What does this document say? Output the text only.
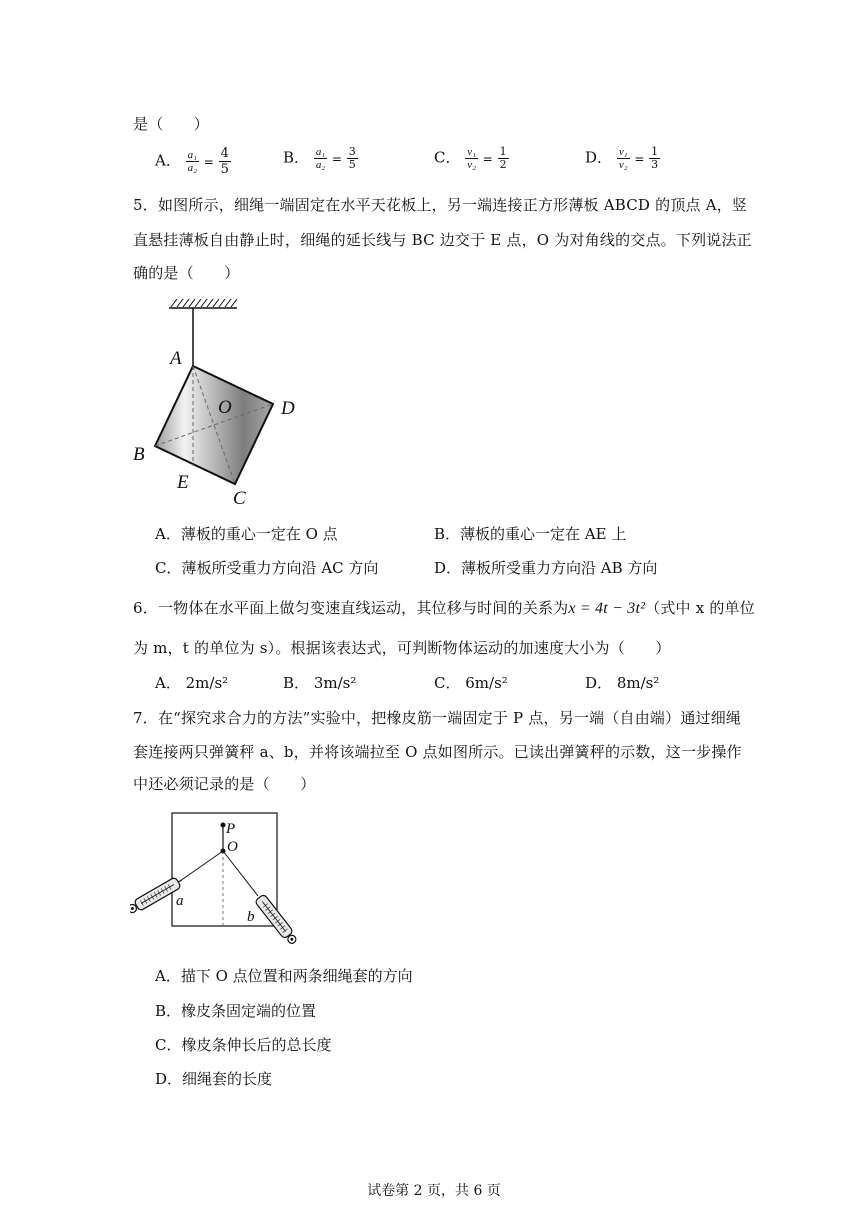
是（　　）
A． $\frac{\text{a₁}}{\text{a₂}} = \frac{4}{5}$	B． $\frac{\text{a₁}}{\text{a₂}} = \frac{3}{5}$	C． $\frac{\text{v₁}}{\text{v₂}} = \frac{1}{2}$	D． $\frac{\text{v₁}}{\text{v₂}} = \frac{1}{3}$
5．如图所示，细绳一端固定在水平天花板上，另一端连接正方形薄板 ABCD 的顶点 A，竖
直悬挂薄板自由静止时，细绳的延长线与 BC 边交于 E 点，O 为对角线的交点。下列说法正
确的是（　　）
A
D
B
C
E
O
A．薄板的重心一定在 O 点	B．薄板的重心一定在 AE 上
C．薄板所受重力方向沿 AC 方向	D．薄板所受重力方向沿 AB 方向
6．一物体在水平面上做匀变速直线运动，其位移与时间的关系为x = 4t − 3t²（式中 x 的单位
为 m，t 的单位为 s）。根据该表达式，可判断物体运动的加速度大小为（　　）
A． 2m/s²	B． 3m/s²	C． 6m/s²	D． 8m/s²
7．在“探究求合力的方法”实验中，把橡皮筋一端固定于 P 点，另一端（自由端）通过细绳
套连接两只弹簧秤 a、b，并将该端拉至 O 点如图所示。已读出弹簧秤的示数，这一步操作
中还必须记录的是（　　）
P
O
a
b
A．描下 O 点位置和两条细绳套的方向
B．橡皮条固定端的位置
C．橡皮条伸长后的总长度
D．细绳套的长度
试卷第 2 页，共 6 页
